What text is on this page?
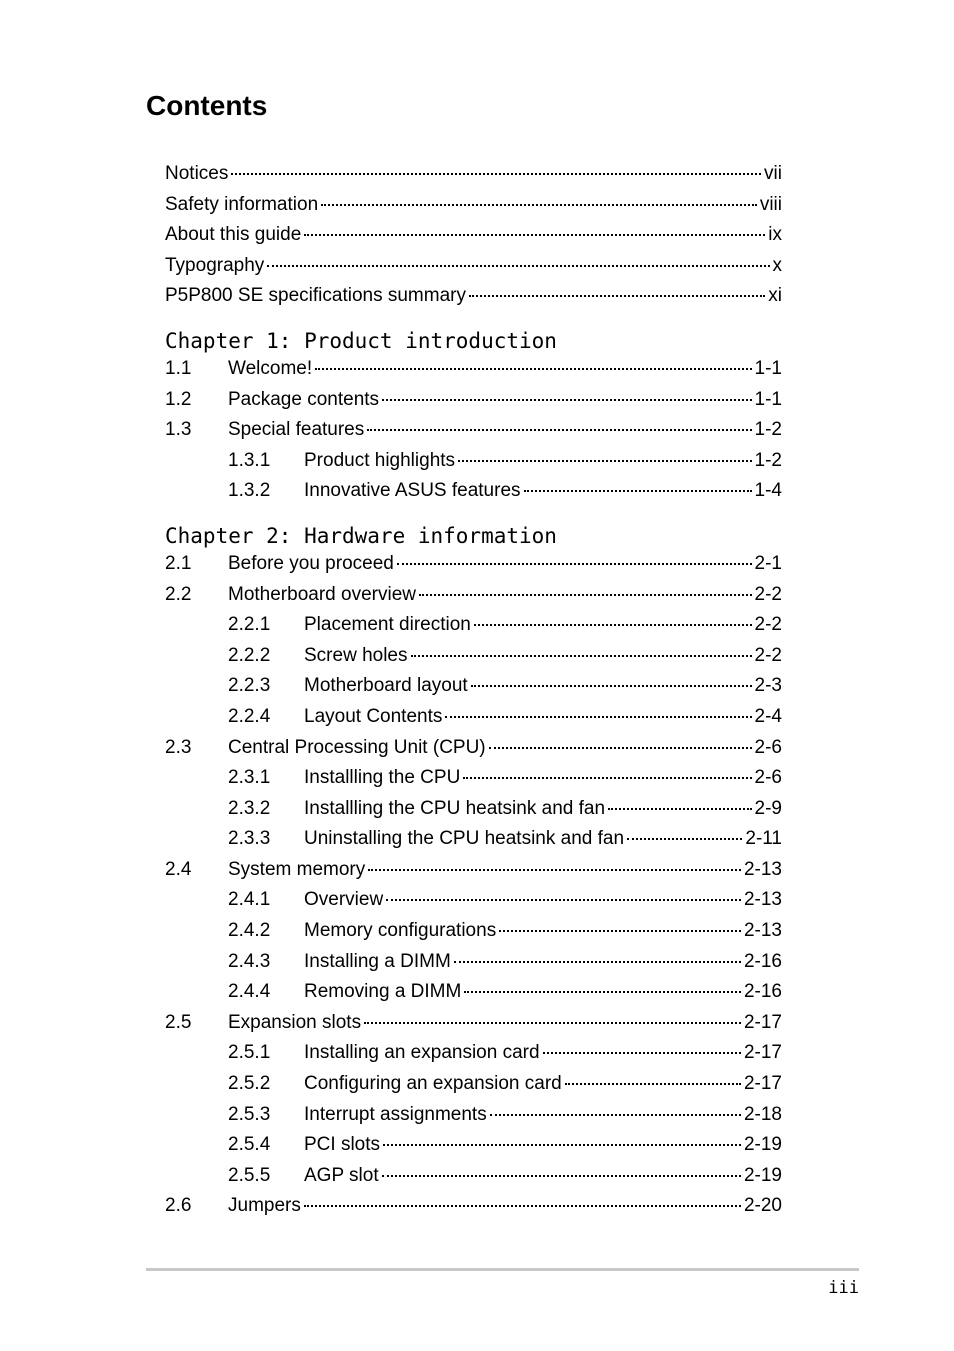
Contents
Notices	vii
Safety information	viii
About this guide	ix
Typography	x
P5P800 SE specifications summary	xi
Chapter 1: Product introduction
1.1	Welcome!	1-1
1.2	Package contents	1-1
1.3	Special features	1-2
1.3.1	Product highlights	1-2
1.3.2	Innovative ASUS features	1-4
Chapter 2: Hardware information
2.1	Before you proceed	2-1
2.2	Motherboard overview	2-2
2.2.1	Placement direction	2-2
2.2.2	Screw holes	2-2
2.2.3	Motherboard layout	2-3
2.2.4	Layout Contents	2-4
2.3	Central Processing Unit (CPU)	2-6
2.3.1	Installling the CPU	2-6
2.3.2	Installling the CPU heatsink and fan	2-9
2.3.3	Uninstalling the CPU heatsink and fan	2-11
2.4	System memory	2-13
2.4.1	Overview	2-13
2.4.2	Memory configurations	2-13
2.4.3	Installing a DIMM	2-16
2.4.4	Removing a DIMM	2-16
2.5	Expansion slots	2-17
2.5.1	Installing an expansion card	2-17
2.5.2	Configuring an expansion card	2-17
2.5.3	Interrupt assignments	2-18
2.5.4	PCI slots	2-19
2.5.5	AGP slot	2-19
2.6	Jumpers	2-20
iii
